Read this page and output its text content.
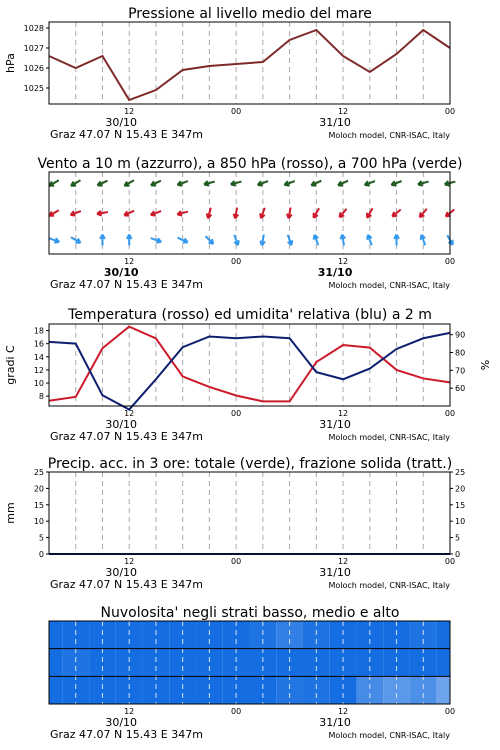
Pressione al livello medio del mare
1025
1026
1027
1028
hPa
12	00	12	00
30/10	31/10
Graz 47.07 N 15.43 E 347m	Moloch model, CNR-ISAC, Italy
Vento a 10 m (azzurro), a 850 hPa (rosso), a 700 hPa (verde)
12	00	12	00
30/10	31/10
Graz 47.07 N 15.43 E 347m	Moloch model, CNR-ISAC, Italy
Temperatura (rosso) ed umidita' relativa (blu) a 2 m
8
10
12
14
16
18
60
70
80
90
gradi C	%
12	00	12	00
30/10	31/10
Graz 47.07 N 15.43 E 347m	Moloch model, CNR-ISAC, Italy
Precip. acc. in 3 ore: totale (verde), frazione solida (tratt.)
0	0
5	5
10	10
15	15
20	20
25	25
mm
12	00	12	00
30/10	31/10
Graz 47.07 N 15.43 E 347m	Moloch model, CNR-ISAC, Italy
Nuvolosita' negli strati basso, medio e alto
12	00	12	00
30/10	31/10
Graz 47.07 N 15.43 E 347m	Moloch model, CNR-ISAC, Italy
